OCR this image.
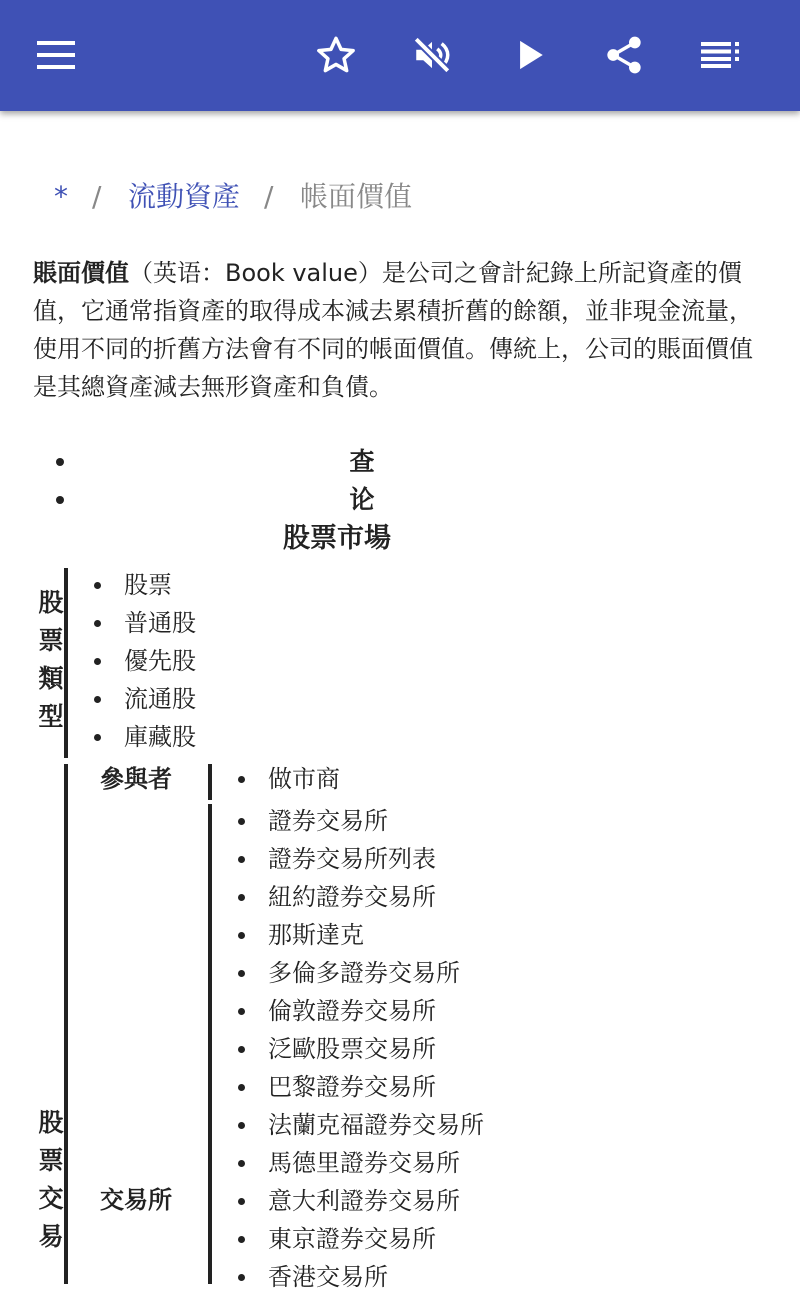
* / 流動資產 / 帳面價值

賬面價值（英语：Book value）是公司之會計紀錄上所記資產的價值，它通常指資產的取得成本減去累積折舊的餘額，並非現金流量，使用不同的折舊方法會有不同的帳面價值。傳統上，公司的賬面價值是其總資產減去無形資產和負債。

查
论
股票市場
股票類型
股票
普通股
優先股
流通股
庫藏股
股票交易
參與者	做市商
交易所
證券交易所
證券交易所列表
紐約證券交易所
那斯達克
多倫多證券交易所
倫敦證券交易所
泛歐股票交易所
巴黎證券交易所
法蘭克福證券交易所
馬德里證券交易所
意大利證券交易所
東京證券交易所
香港交易所
